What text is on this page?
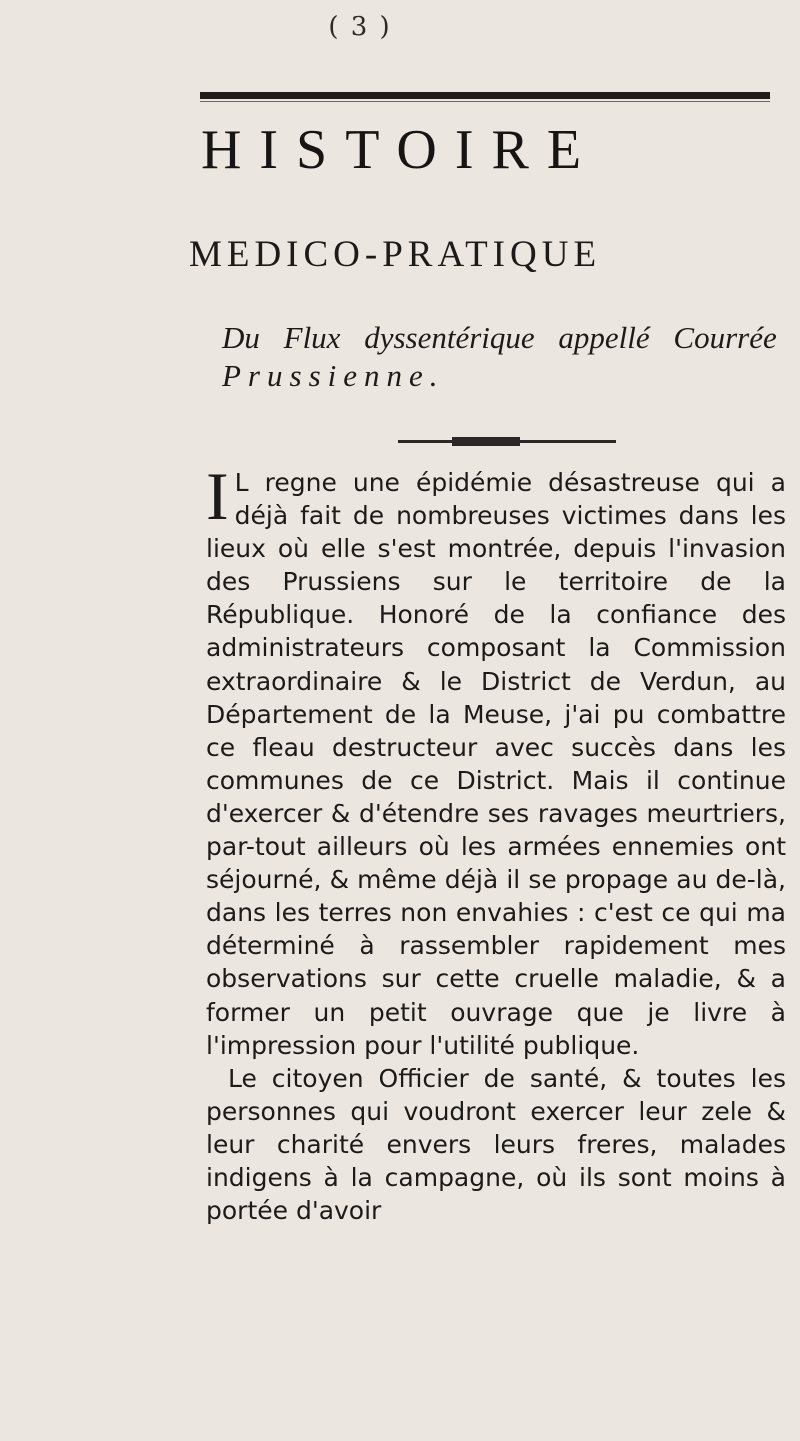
( 3 )
HISTOIRE
MEDICO-PRATIQUE
Du Flux dyssentérique appellé Courrée
Prussienne.

I L regne une épidémie désastreuse qui a déjà fait de nombreuses victimes dans les lieux où elle s'est montrée, depuis l'invasion des Prussiens sur le territoire de la République. Honoré de la confiance des administrateurs composant la Commission extraordinaire & le District de Verdun, au Département de la Meuse, j'ai pu combattre ce fleau destructeur avec succès dans les communes de ce District. Mais il continue d'exercer & d'étendre ses ravages meurtriers, par-tout ailleurs où les armées ennemies ont séjourné, & même déjà il se propage au de-là, dans les terres non envahies : c'est ce qui ma déterminé à rassembler rapidement mes observations sur cette cruelle maladie, & a former un petit ouvrage que je livre à l'impression pour l'utilité publique.

Le citoyen Officier de santé, & toutes les personnes qui voudront exercer leur zele & leur charité envers leurs freres, malades indigens à la campagne, où ils sont moins à portée d'avoir
